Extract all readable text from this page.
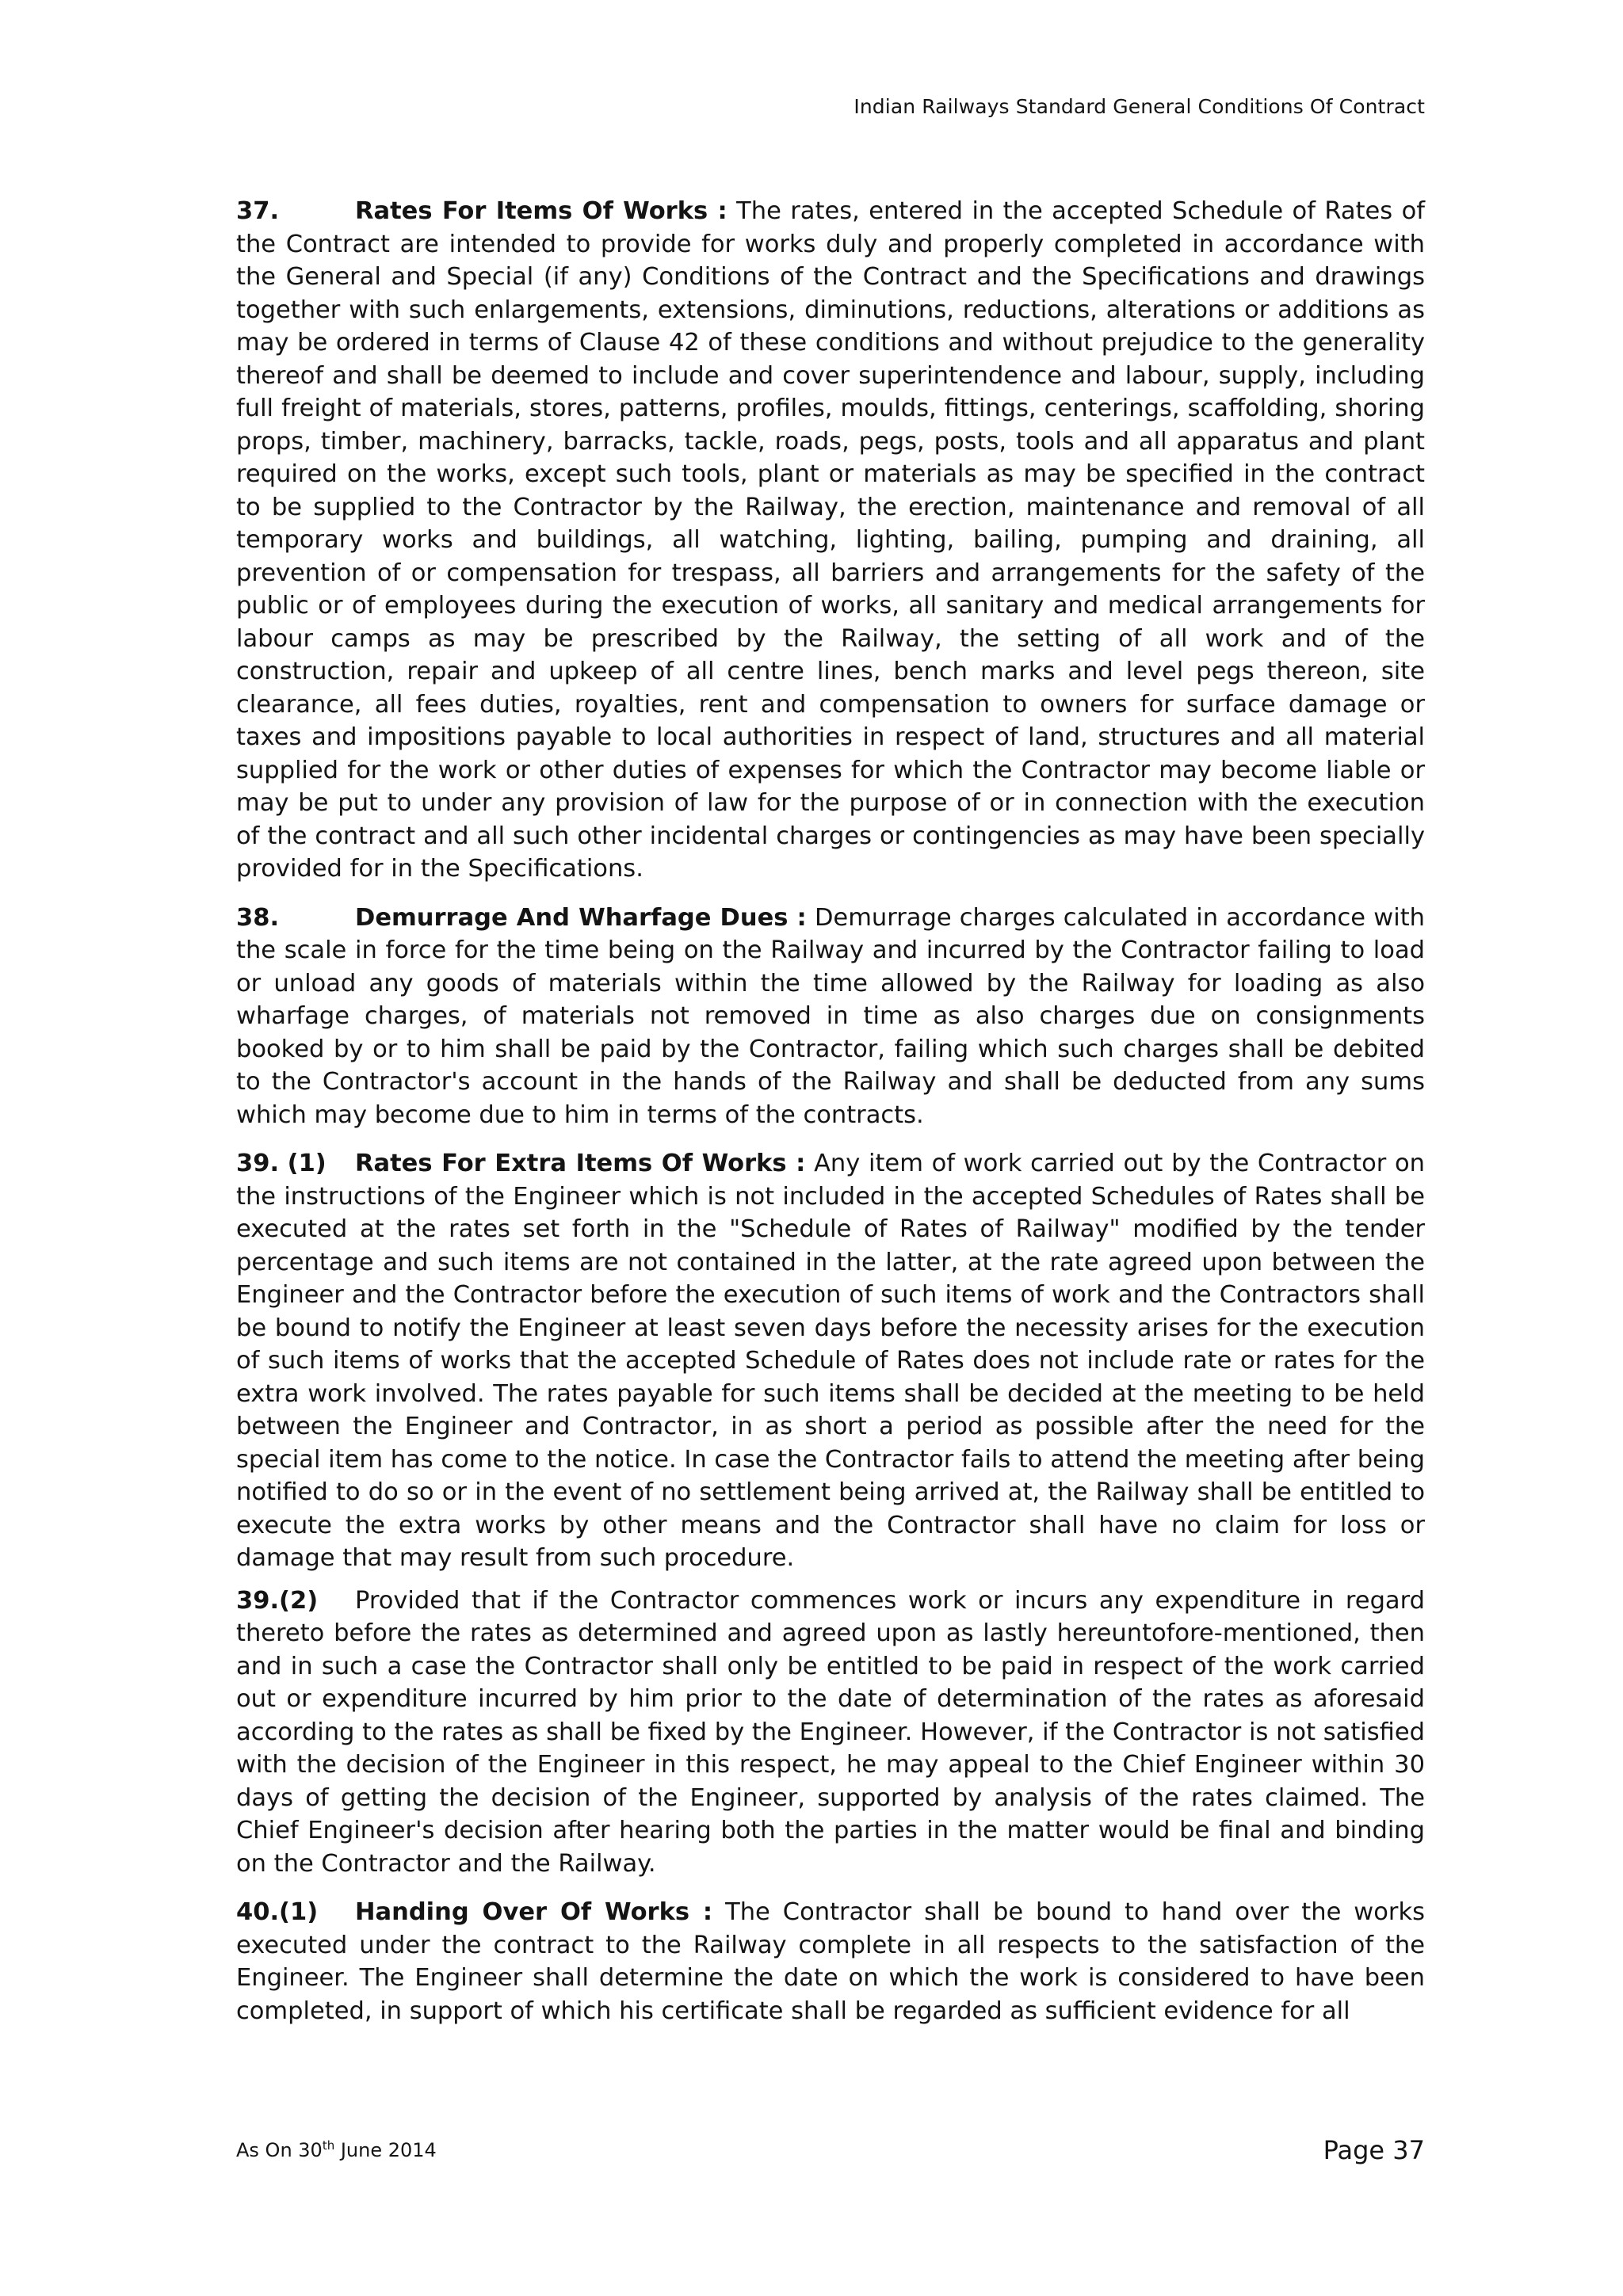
Indian Railways Standard General Conditions Of Contract

37.	Rates For Items Of Works : The rates, entered in the accepted Schedule of Rates of the Contract are intended to provide for works duly and properly completed in accordance with the General and Special (if any) Conditions of the Contract and the Specifications and drawings together with such enlargements, extensions, diminutions, reductions, alterations or additions as may be ordered in terms of Clause 42 of these conditions and without prejudice to the generality thereof and shall be deemed to include and cover superintendence and labour, supply, including full freight of materials, stores, patterns, profiles, moulds, fittings, centerings, scaffolding, shoring props, timber, machinery, barracks, tackle, roads, pegs, posts, tools and all apparatus and plant required on the works, except such tools, plant or materials as may be specified in the contract to be supplied to the Contractor by the Railway, the erection, maintenance and removal of all temporary works and buildings, all watching, lighting, bailing, pumping and draining, all prevention of or compensation for trespass, all barriers and arrangements for the safety of the public or of employees during the execution of works, all sanitary and medical arrangements for labour camps as may be prescribed by the Railway, the setting of all work and of the construction, repair and upkeep of all centre lines, bench marks and level pegs thereon, site clearance, all fees duties, royalties, rent and compensation to owners for surface damage or taxes and impositions payable to local authorities in respect of land, structures and all material supplied for the work or other duties of expenses for which the Contractor may become liable or may be put to under any provision of law for the purpose of or in connection with the execution of the contract and all such other incidental charges or contingencies as may have been specially provided for in the Specifications.

38.	Demurrage And Wharfage Dues : Demurrage charges calculated in accordance with the scale in force for the time being on the Railway and incurred by the Contractor failing to load or unload any goods of materials within the time allowed by the Railway for loading as also wharfage charges, of materials not removed in time as also charges due on consignments booked by or to him shall be paid by the Contractor, failing which such charges shall be debited to the Contractor's account in the hands of the Railway and shall be deducted from any sums which may become due to him in terms of the contracts.

39. (1) Rates For Extra Items Of Works : Any item of work carried out by the Contractor on the instructions of the Engineer which is not included in the accepted Schedules of Rates shall be executed at the rates set forth in the "Schedule of Rates of Railway" modified by the tender percentage and such items are not contained in the latter, at the rate agreed upon between the Engineer and the Contractor before the execution of such items of work and the Contractors shall be bound to notify the Engineer at least seven days before the necessity arises for the execution of such items of works that the accepted Schedule of Rates does not include rate or rates for the extra work involved. The rates payable for such items shall be decided at the meeting to be held between the Engineer and Contractor, in as short a period as possible after the need for the special item has come to the notice. In case the Contractor fails to attend the meeting after being notified to do so or in the event of no settlement being arrived at, the Railway shall be entitled to execute the extra works by other means and the Contractor shall have no claim for loss or damage that may result from such procedure.

39.(2) Provided that if the Contractor commences work or incurs any expenditure in regard thereto before the rates as determined and agreed upon as lastly hereuntofore-mentioned, then and in such a case the Contractor shall only be entitled to be paid in respect of the work carried out or expenditure incurred by him prior to the date of determination of the rates as aforesaid according to the rates as shall be fixed by the Engineer. However, if the Contractor is not satisfied with the decision of the Engineer in this respect, he may appeal to the Chief Engineer within 30 days of getting the decision of the Engineer, supported by analysis of the rates claimed. The Chief Engineer's decision after hearing both the parties in the matter would be final and binding on the Contractor and the Railway.

40.(1) Handing Over Of Works : The Contractor shall be bound to hand over the works executed under the contract to the Railway complete in all respects to the satisfaction of the Engineer. The Engineer shall determine the date on which the work is considered to have been completed, in support of which his certificate shall be regarded as sufficient evidence for all

As On 30th June 2014	Page 37
